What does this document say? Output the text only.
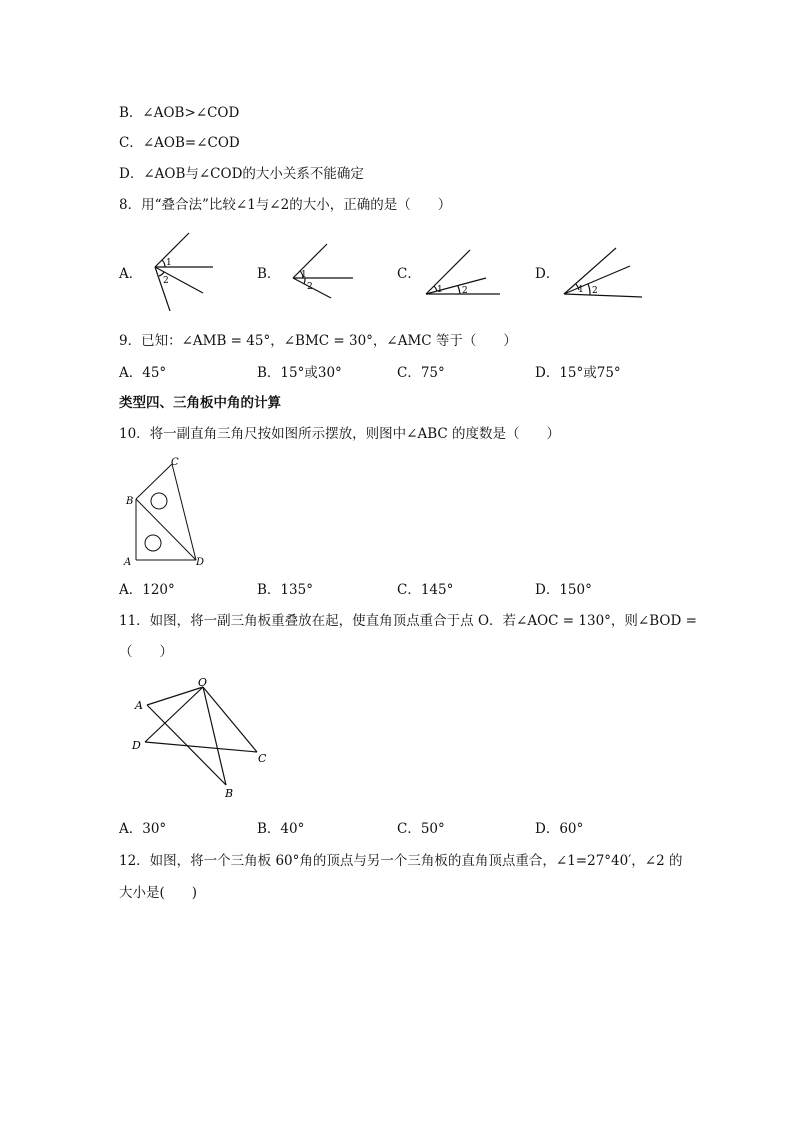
B．∠AOB>∠COD
C．∠AOB=∠COD
D．∠AOB与∠COD的大小关系不能确定
8．用“叠合法”比较∠1与∠2的大小，正确的是（　　）
A．	B．	C．	D．
1
2
1
2	1 2	1 2
9．已知：∠AMB = 45°，∠BMC = 30°，∠AMC 等于（　　）
A．45°	B．15°或30°	C．75°	D．15°或75°
类型四、三角板中角的计算
10．将一副直角三角尺按如图所示摆放，则图中∠ABC 的度数是（　　）
C
B
A	D
A．120°	B．135°	C．145°	D．150°
11．如图，将一副三角板重叠放在起，使直角顶点重合于点 O．若∠AOC = 130°，则∠BOD =
（　　）
O
A
D
C
B
A．30°	B．40°	C．50°	D．60°
12．如图，将一个三角板 60°角的顶点与另一个三角板的直角顶点重合，∠1=27°40′，∠2 的
大小是(　　)
